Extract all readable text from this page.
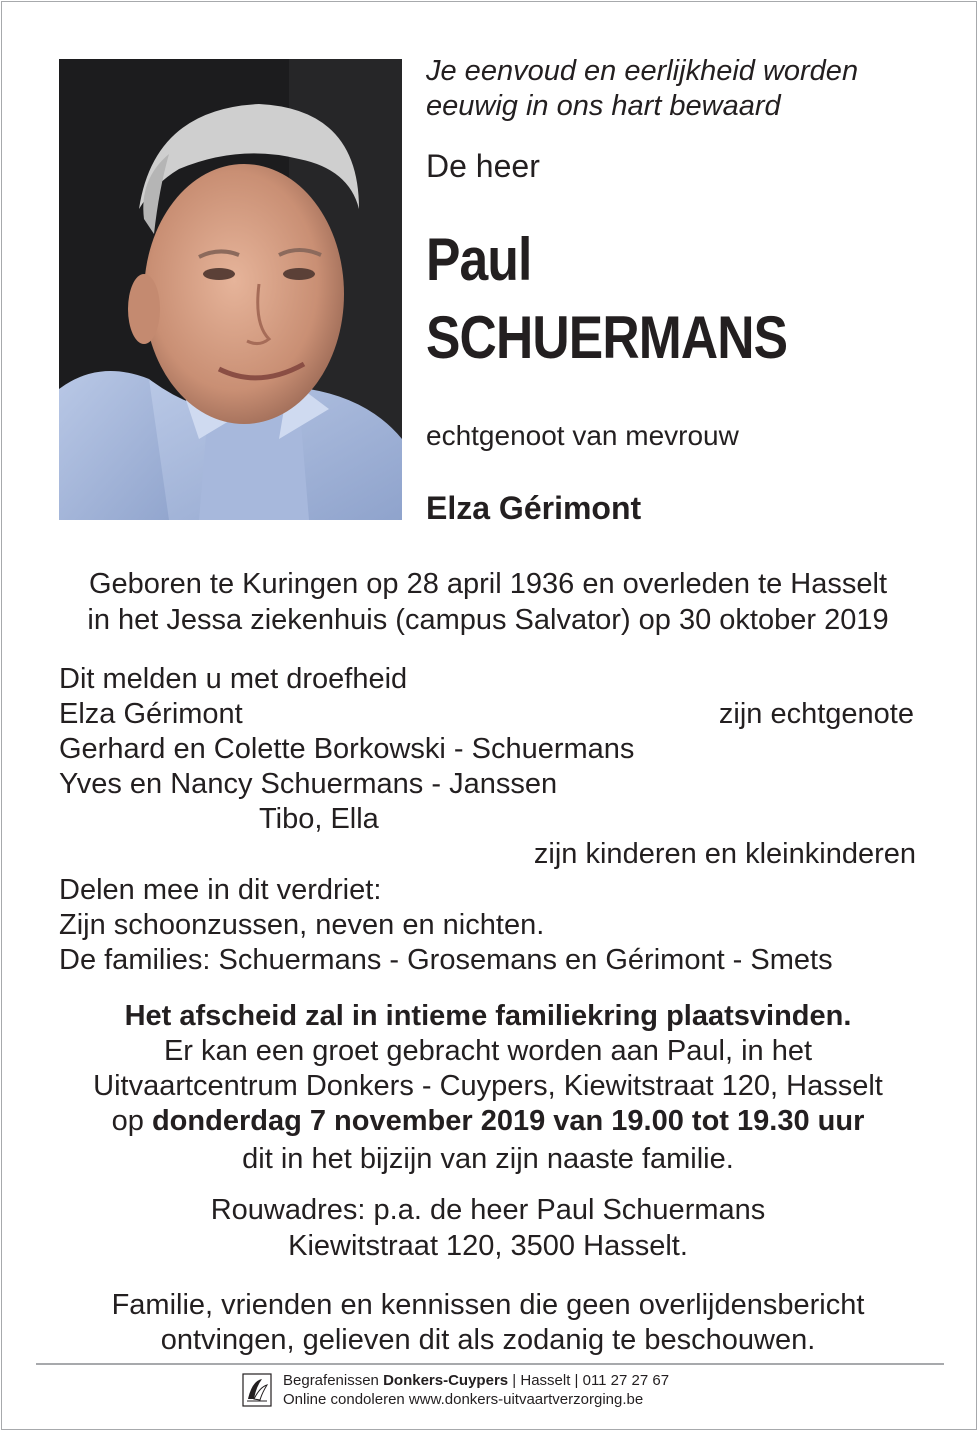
Je eenvoud en eerlijkheid worden
eeuwig in ons hart bewaard
De heer
Paul
SCHUERMANS
echtgenoot van mevrouw
Elza Gérimont
Geboren te Kuringen op 28 april 1936 en overleden te Hasselt
in het Jessa ziekenhuis (campus Salvator) op 30 oktober 2019
Dit melden u met droefheid
Elza Gérimont	zijn echtgenote
Gerhard en Colette Borkowski - Schuermans
Yves en Nancy Schuermans - Janssen
Tibo, Ella
zijn kinderen en kleinkinderen
Delen mee in dit verdriet:
Zijn schoonzussen, neven en nichten.
De families: Schuermans - Grosemans en Gérimont - Smets
Het afscheid zal in intieme familiekring plaatsvinden.
Er kan een groet gebracht worden aan Paul, in het
Uitvaartcentrum Donkers - Cuypers, Kiewitstraat 120, Hasselt
op donderdag 7 november 2019 van 19.00 tot 19.30 uur
dit in het bijzijn van zijn naaste familie.
Rouwadres: p.a. de heer Paul Schuermans
Kiewitstraat 120, 3500 Hasselt.
Familie, vrienden en kennissen die geen overlijdensbericht
ontvingen, gelieven dit als zodanig te beschouwen.
Begrafenissen Donkers-Cuypers | Hasselt | 011 27 27 67
Online condoleren www.donkers-uitvaartverzorging.be
